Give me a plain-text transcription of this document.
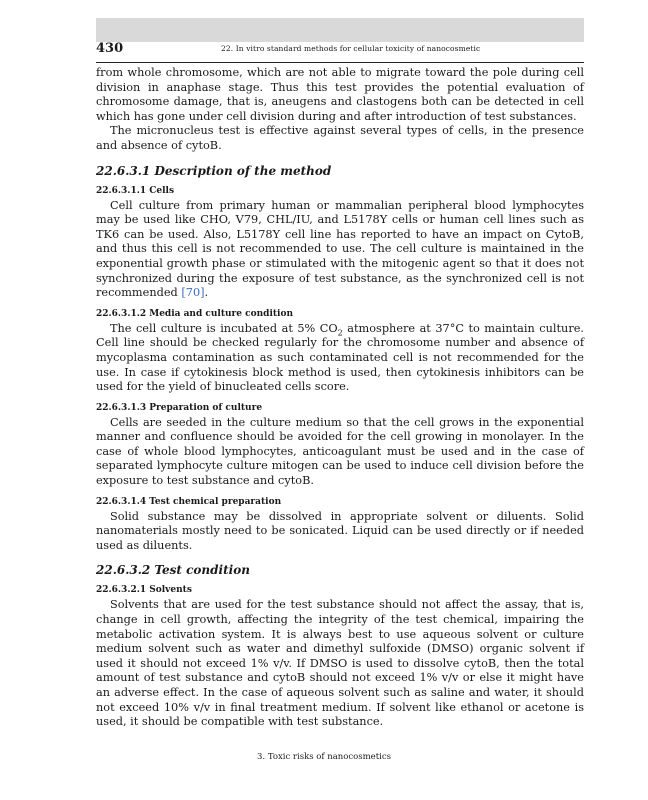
430	22. In vitro standard methods for cellular toxicity of nanocosmetic

from whole chromosome, which are not able to migrate toward the pole during cell division in anaphase stage. Thus this test provides the potential evaluation of chromosome damage, that is, aneugens and clastogens both can be detected in cell which has gone under cell division during and after introduction of test substances.

The micronucleus test is effective against several types of cells, in the presence and absence of cytoB.

22.6.3.1 Description of the method
22.6.3.1.1 Cells

Cell culture from primary human or mammalian peripheral blood lymphocytes may be used like CHO, V79, CHL/IU, and L5178Y cells or human cell lines such as TK6 can be used. Also, L5178Y cell line has reported to have an impact on CytoB, and thus this cell is not recommended to use. The cell culture is maintained in the exponential growth phase or stimulated with the mitogenic agent so that it does not synchronized during the exposure of test substance, as the synchronized cell is not recommended [70].

22.6.3.1.2 Media and culture condition

The cell culture is incubated at 5% $CO_2$ atmosphere at 37°C to maintain culture. Cell line should be checked regularly for the chromosome number and absence of mycoplasma contamination as such contaminated cell is not recommended for the use. In case if cytokinesis block method is used, then cytokinesis inhibitors can be used for the yield of binucleated cells score.

22.6.3.1.3 Preparation of culture

Cells are seeded in the culture medium so that the cell grows in the exponential manner and confluence should be avoided for the cell growing in monolayer. In the case of whole blood lymphocytes, anticoagulant must be used and in the case of separated lymphocyte culture mitogen can be used to induce cell division before the exposure to test substance and cytoB.

22.6.3.1.4 Test chemical preparation

Solid substance may be dissolved in appropriate solvent or diluents. Solid nanomaterials mostly need to be sonicated. Liquid can be used directly or if needed used as diluents.

22.6.3.2 Test condition
22.6.3.2.1 Solvents

Solvents that are used for the test substance should not affect the assay, that is, change in cell growth, affecting the integrity of the test chemical, impairing the metabolic activation system. It is always best to use aqueous solvent or culture medium solvent such as water and dimethyl sulfoxide (DMSO) organic solvent if used it should not exceed 1% v/v. If DMSO is used to dissolve cytoB, then the total amount of test substance and cytoB should not exceed 1% v/v or else it might have an adverse effect. In the case of aqueous solvent such as saline and water, it should not exceed 10% v/v in final treatment medium. If solvent like ethanol or acetone is used, it should be compatible with test substance.

3. Toxic risks of nanocosmetics
